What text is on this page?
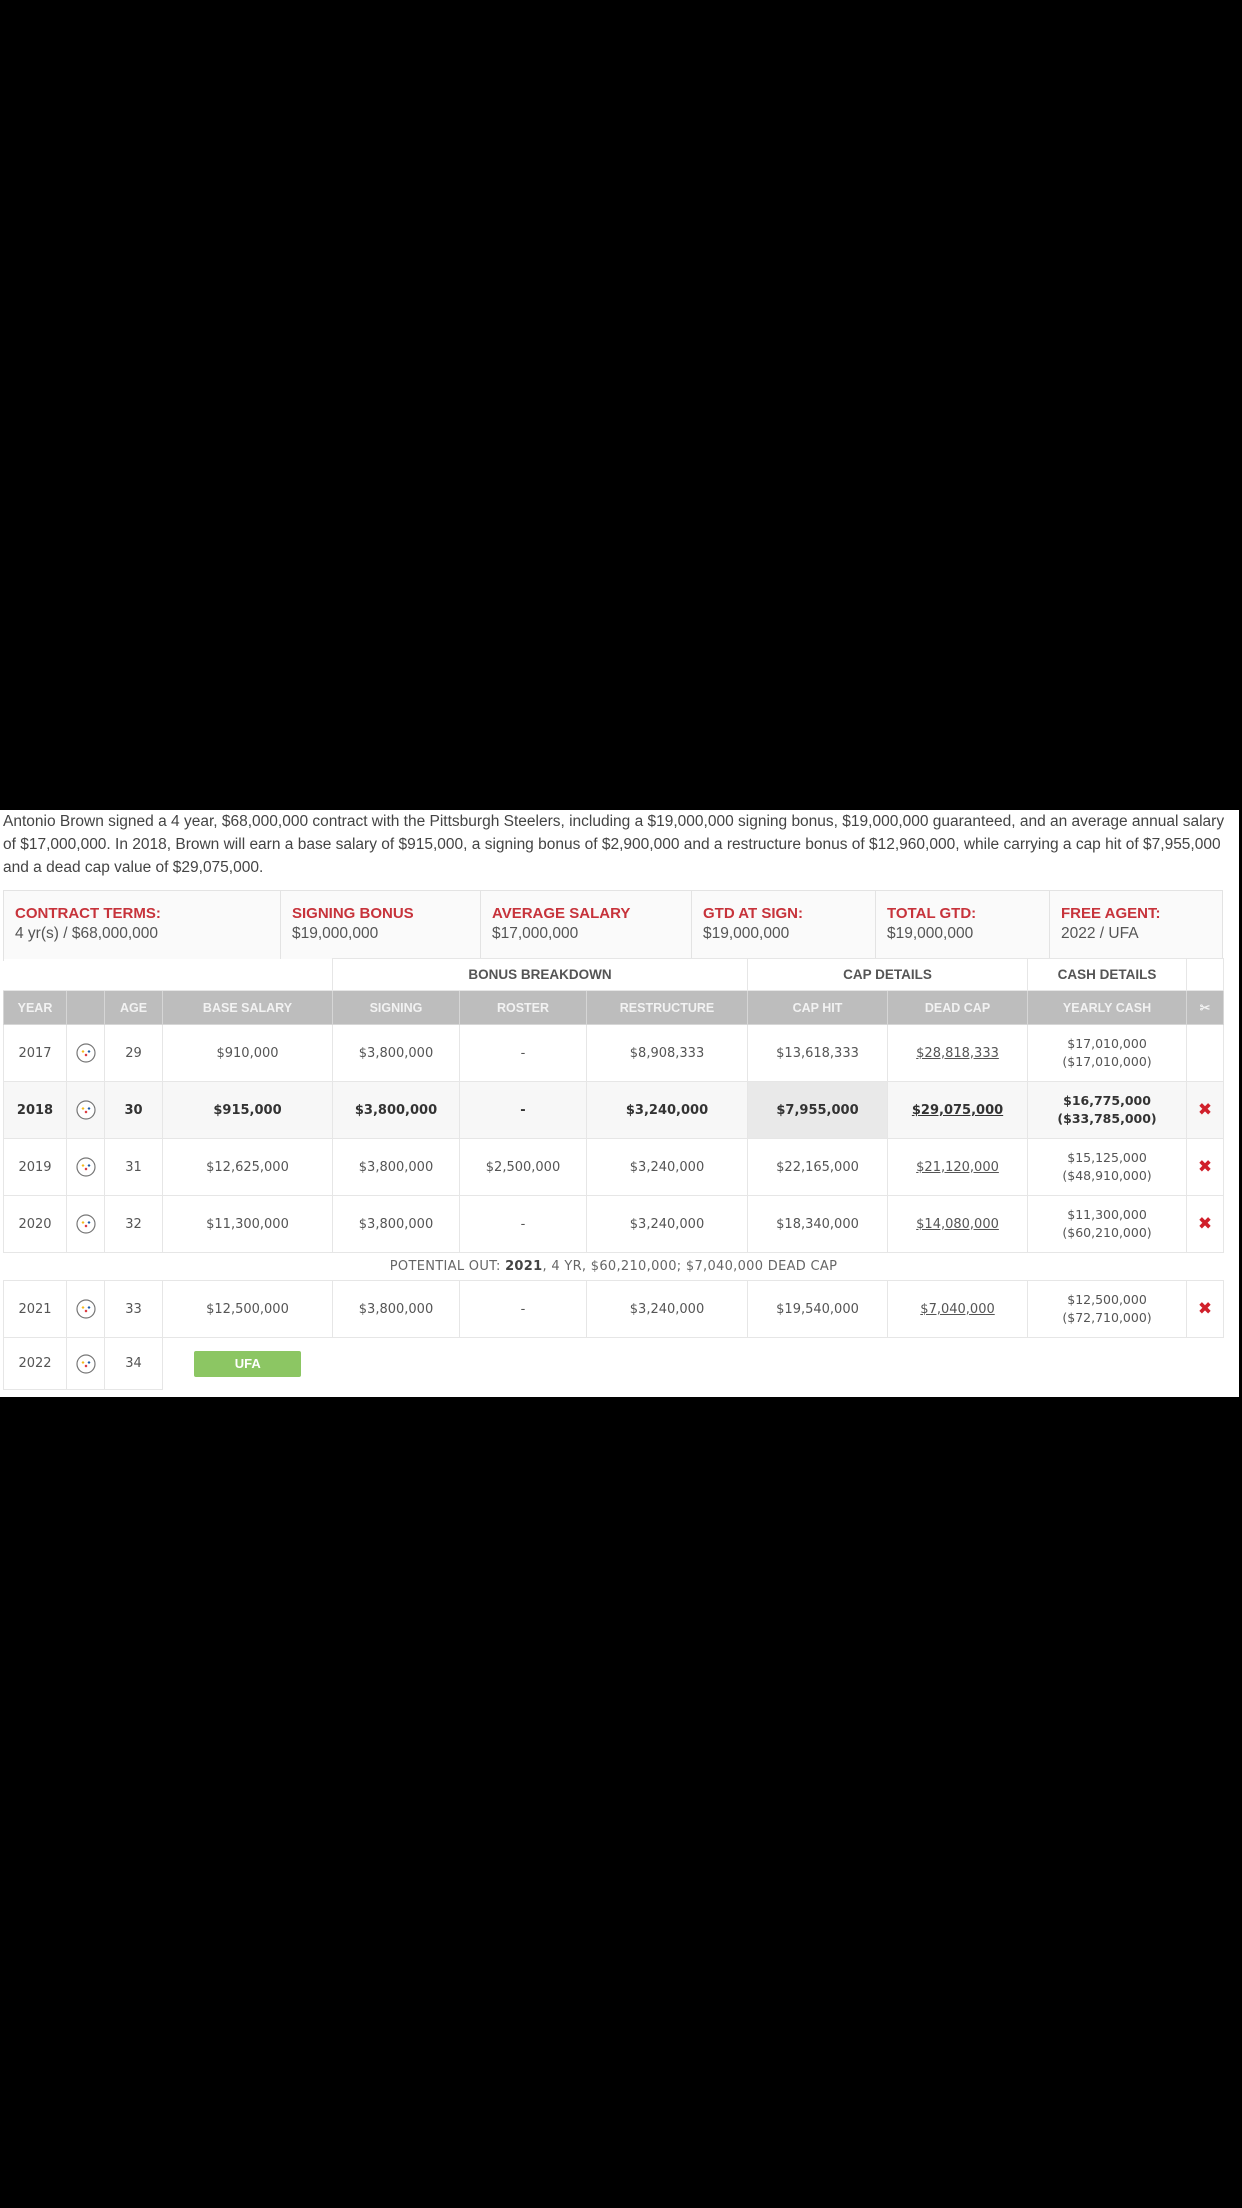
Antonio Brown signed a 4 year, $68,000,000 contract with the Pittsburgh Steelers, including a $19,000,000 signing bonus, $19,000,000 guaranteed, and an average annual salary of $17,000,000. In 2018, Brown will earn a base salary of $915,000, a signing bonus of $2,900,000 and a restructure bonus of $12,960,000, while carrying a cap hit of $7,955,000 and a dead cap value of $29,075,000.

CONTRACT TERMS:
4 yr(s) / $68,000,000
SIGNING BONUS
$19,000,000
AVERAGE SALARY
$17,000,000
GTD AT SIGN:
$19,000,000
TOTAL GTD:
$19,000,000
FREE AGENT:
2022 / UFA
				BONUS BREAKDOWN			CAP DETAILS		CASH DETAILS	
YEAR		AGE	BASE SALARY	SIGNING	ROSTER	RESTRUCTURE	CAP HIT	DEAD CAP	YEARLY CASH	✂
2017		29	$910,000	$3,800,000	-	$8,908,333	$13,618,333	$28,818,333	$17,010,000
($17,010,000)	
2018		30	$915,000	$3,800,000	-	$3,240,000	$7,955,000	$29,075,000	$16,775,000
($33,785,000)	✖
2019		31	$12,625,000	$3,800,000	$2,500,000	$3,240,000	$22,165,000	$21,120,000	$15,125,000
($48,910,000)	✖
2020		32	$11,300,000	$3,800,000	-	$3,240,000	$18,340,000	$14,080,000	$11,300,000
($60,210,000)	✖
POTENTIAL OUT: 2021, 4 YR, $60,210,000; $7,040,000 DEAD CAP										
2021		33	$12,500,000	$3,800,000	-	$3,240,000	$19,540,000	$7,040,000	$12,500,000
($72,710,000)	✖
2022		34	UFA							
